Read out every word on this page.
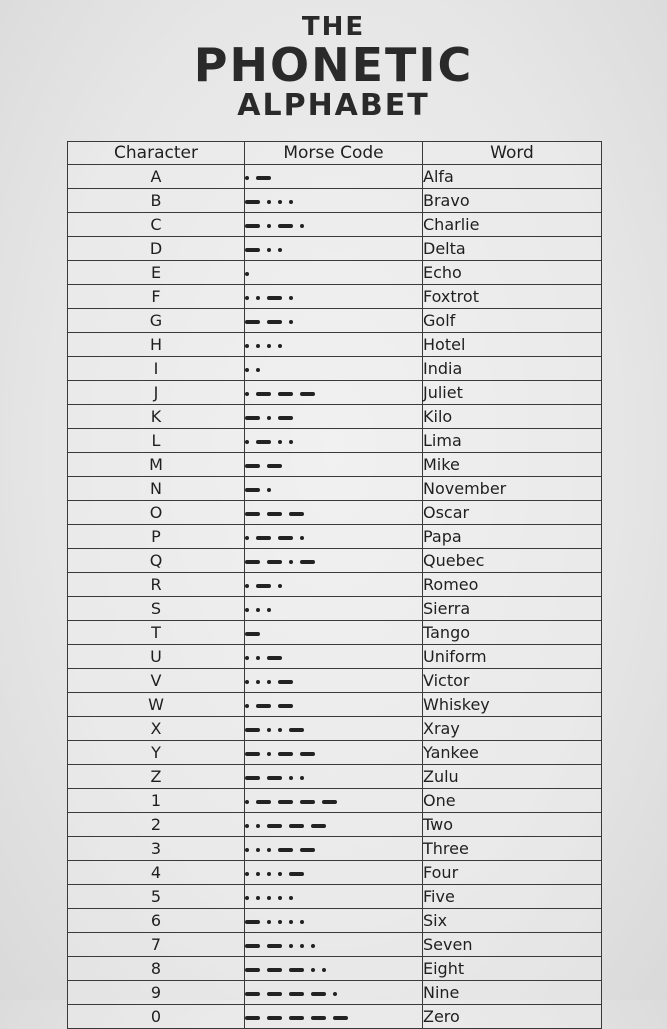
THE
PHONETIC
ALPHABET
Character	Morse Code	Word
A		Alfa
B		Bravo
C		Charlie
D		Delta
E		Echo
F		Foxtrot
G		Golf
H		Hotel
I		India
J		Juliet
K		Kilo
L		Lima
M		Mike
N		November
O		Oscar
P		Papa
Q		Quebec
R		Romeo
S		Sierra
T		Tango
U		Uniform
V		Victor
W		Whiskey
X		Xray
Y		Yankee
Z		Zulu
1		One
2		Two
3		Three
4		Four
5		Five
6		Six
7		Seven
8		Eight
9		Nine
0		Zero
